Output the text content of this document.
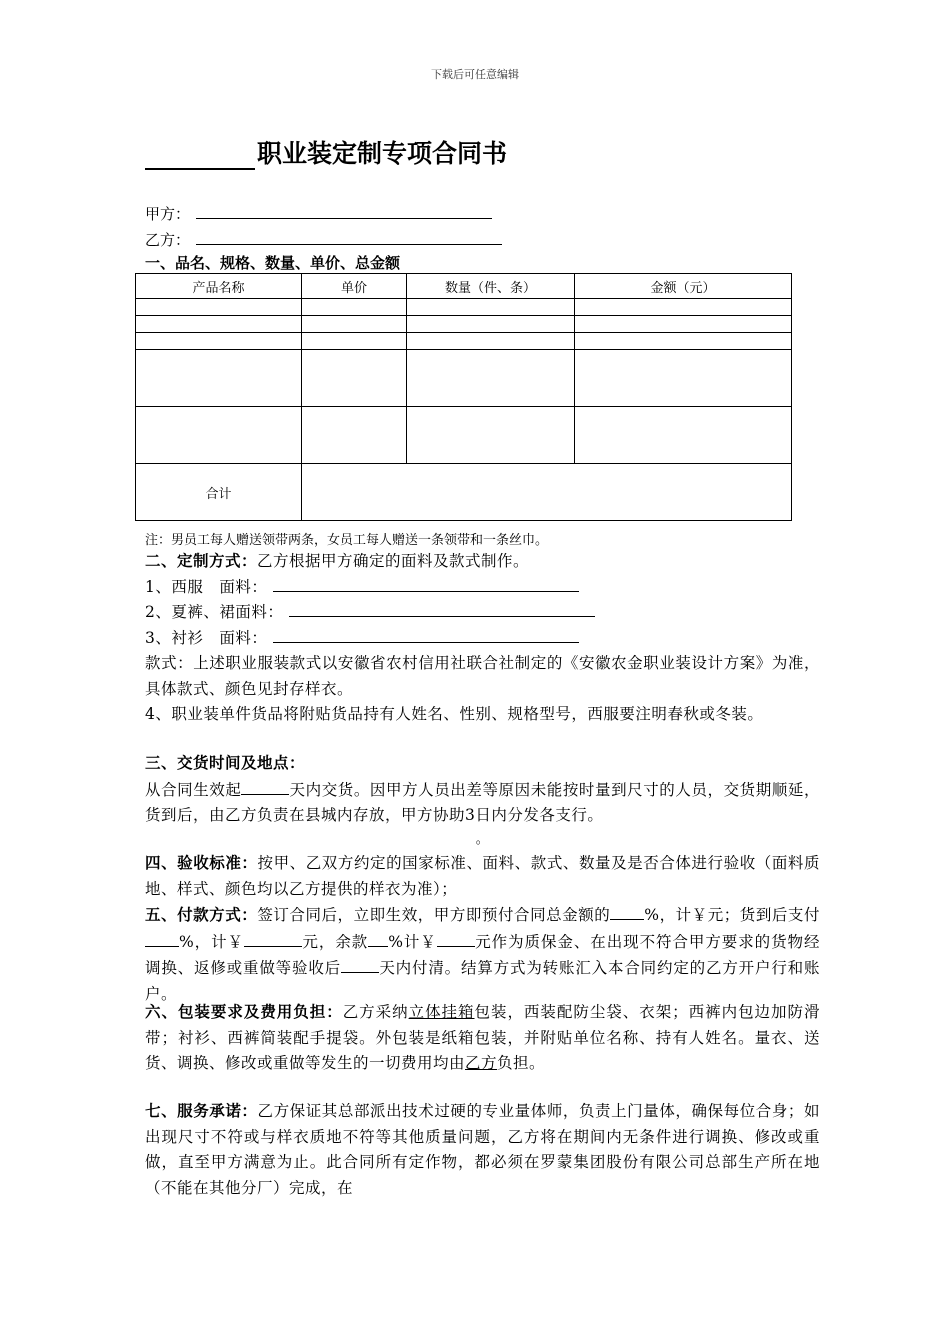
下载后可任意编辑
职业装定制专项合同书
甲方：
乙方：
一、品名、规格、数量、单价、总金额
产品名称	单价	数量（件、条）	金额（元）

合计			
注：男员工每人赠送领带两条，女员工每人赠送一条领带和一条丝巾。
二、定制方式：乙方根据甲方确定的面料及款式制作。
1、西服　面料：
2、夏裤、裙面料：
3、衬衫　面料：
款式：上述职业服装款式以安徽省农村信用社联合社制定的《安徽农金职业装设计方案》为准，具体款式、颜色见封存样衣。
4、职业装单件货品将附贴货品持有人姓名、性别、规格型号，西服要注明春秋或冬装。
三、交货时间及地点：
从合同生效起	天内交货。因甲方人员出差等原因未能按时量到尺寸的人员，交货期顺延，货到后，由乙方负责在县城内存放，甲方协助3日内分发各支行。
。
四、验收标准：按甲、乙双方约定的国家标准、面料、款式、数量及是否合体进行验收（面料质地、样式、颜色均以乙方提供的样衣为准）；
五、付款方式：签订合同后，立即生效，甲方即预付合同总金额的 %，计￥元；货到后支付%，计￥	元，余款 %计￥ 元作为质保金、在出现不符合甲方要求的货物经调换、返修或重做等验收后 天内付清。结算方式为转账汇入本合同约定的乙方开户行和账户。
六、包装要求及费用负担：乙方采纳立体挂箱包装，西装配防尘袋、衣架；西裤内包边加防滑带；衬衫、西裤简装配手提袋。外包装是纸箱包装，并附贴单位名称、持有人姓名。量衣、送货、调换、修改或重做等发生的一切费用均由乙方负担。
七、服务承诺：乙方保证其总部派出技术过硬的专业量体师，负责上门量体，确保每位合身；如出现尺寸不符或与样衣质地不符等其他质量问题，乙方将在期间内无条件进行调换、修改或重做，直至甲方满意为止。此合同所有定作物，都必须在罗蒙集团股份有限公司总部生产所在地（不能在其他分厂）完成，在
